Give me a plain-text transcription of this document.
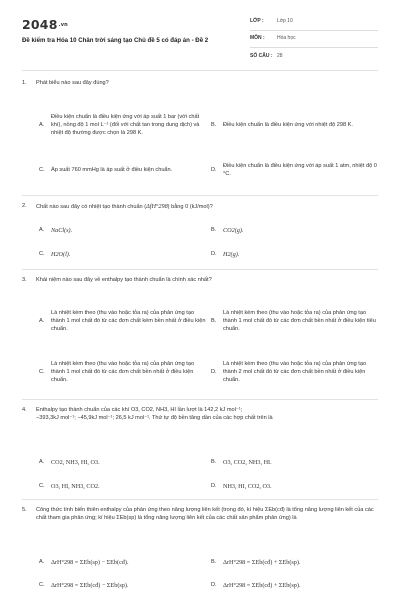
2048.vn
Đề kiểm tra Hóa 10 Chân trời sáng tạo Chủ đề 5 có đáp án - Đề 2
LỚP :	Lớp 10
MÔN :	Hóa học
SỐ CÂU : 28
1.	Phát biểu nào sau đây đúng?
A.
Điều kiện chuẩn là điều kiện ứng với áp suất 1 bar (với chất khí), nồng độ 1 mol L⁻¹ (đối với chất tan trong dung dịch) và nhiệt độ thường được chọn là 298 K.
B.	Điều kiện chuẩn là điều kiện ứng với nhiệt độ 298 K.
C.	Áp suất 760 mmHg là áp suất ở điều kiện chuẩn.	D.
Điều kiện chuẩn là điều kiện ứng với áp suất 1 atm, nhiệt độ 0 °C.
2.	Chất nào sau đây có nhiệt tạo thành chuẩn (ΔfH°298) bằng 0 (kJ/mol)?
A.	NaCl(s).	B.	CO2(g).
C.	H2O(l).	D.	H2(g).
3.	Khái niệm nào sau đây về enthalpy tạo thành chuẩn là chính xác nhất?
A.
Là nhiệt kèm theo (thu vào hoặc tỏa ra) của phản ứng tạo thành 1 mol chất đó từ các đơn chất kém bền nhất ở điều kiện chuẩn.
B.
Là nhiệt kèm theo (thu vào hoặc tỏa ra) của phản ứng tạo thành 1 mol chất đó từ các đơn chất bền nhất ở điều kiện tiêu chuẩn.
C.
Là nhiệt kèm theo (thu vào hoặc tỏa ra) của phản ứng tạo thành 1 mol chất đó từ các đơn chất bền nhất ở điều kiện chuẩn.
D.
Là nhiệt kèm theo (thu vào hoặc tỏa ra) của phản ứng tạo thành 2 mol chất đó từ các đơn chất bền nhất ở điều kiện chuẩn.
4.	Enthalpy tạo thành chuẩn của các khí O3, CO2, NH3, HI lần lượt là 142,2 kJ mol⁻¹;
−393,3kJ mol⁻¹; −45,9kJ mol⁻¹; 26,5 kJ mol⁻¹. Thứ tự độ bền tăng dần của các hợp chất trên là
A.	CO2, NH3, HI, O3.	B.	O3, CO2, NH3, HI.
C.	O3, HI, NH3, CO2.	D.	NH3, HI, CO2, O3.
5.	Công thức tính biến thiên enthalpy của phản ứng theo năng lượng liên kết (trong đó, kí hiệu ΣEb(cđ) là tổng năng lượng liên kết của các chất tham gia phản ứng; kí hiệu ΣEb(sp) là tổng năng lượng liên kết của các chất sản phẩm phản ứng) là
A.	ΔrH°298 = ΣEb(sp) − ΣEb(cđ).	B.	ΔrH°298 = ΣEb(cđ) + ΣEb(sp).
C.	ΔrH°298 = ΣEb(cđ) − ΣEb(sp).	D.	ΔrH°298 = ΣEb(cđ) + ΣEb(sp).
